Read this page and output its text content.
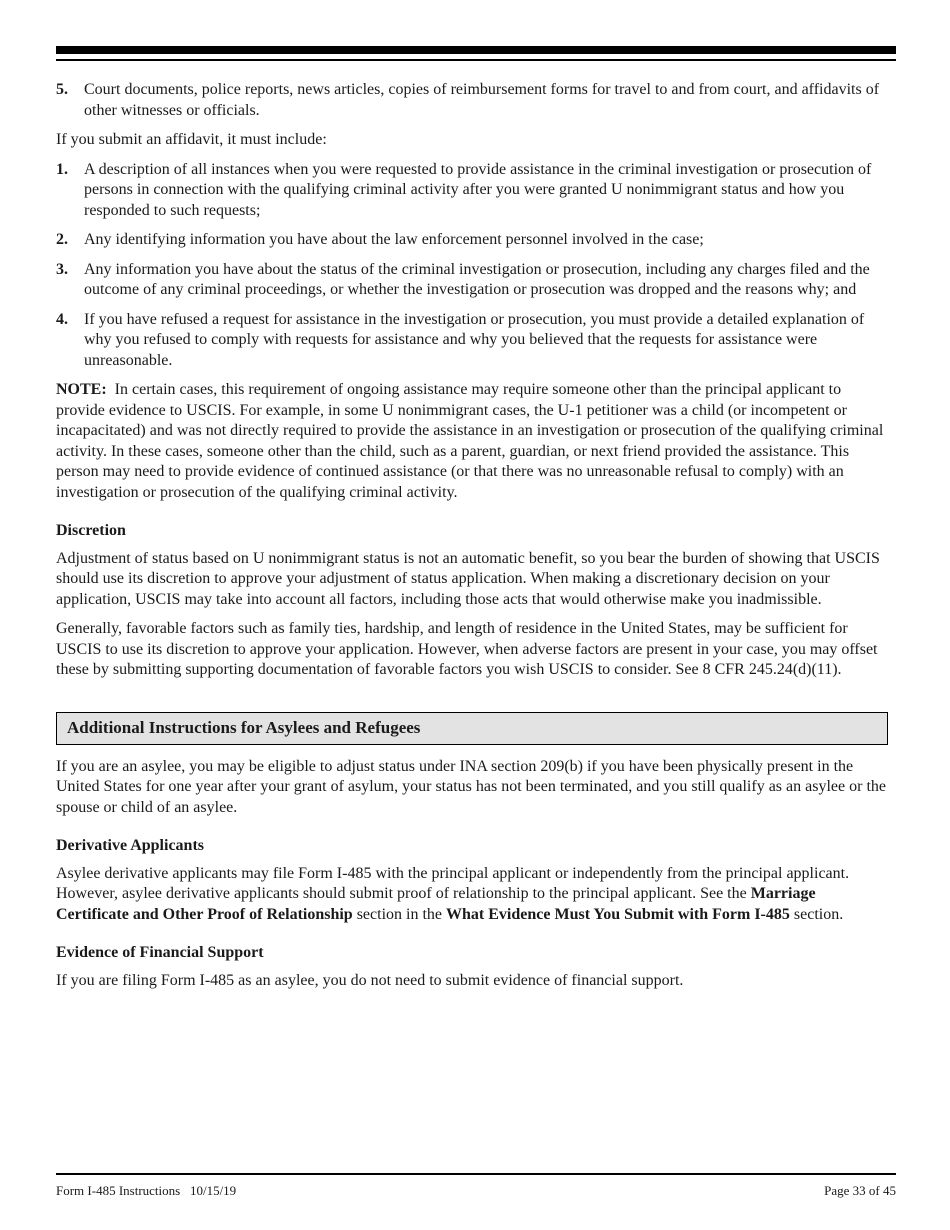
5.	Court documents, police reports, news articles, copies of reimbursement forms for travel to and from court, and affidavits of other witnesses or officials.

If you submit an affidavit, it must include:

1.	A description of all instances when you were requested to provide assistance in the criminal investigation or prosecution of persons in connection with the qualifying criminal activity after you were granted U nonimmigrant status and how you responded to such requests;
2.	Any identifying information you have about the law enforcement personnel involved in the case;
3.	Any information you have about the status of the criminal investigation or prosecution, including any charges filed and the outcome of any criminal proceedings, or whether the investigation or prosecution was dropped and the reasons why; and
4.	If you have refused a request for assistance in the investigation or prosecution, you must provide a detailed explanation of why you refused to comply with requests for assistance and why you believed that the requests for assistance were unreasonable.

NOTE: In certain cases, this requirement of ongoing assistance may require someone other than the principal applicant to provide evidence to USCIS. For example, in some U nonimmigrant cases, the U-1 petitioner was a child (or incompetent or incapacitated) and was not directly required to provide the assistance in an investigation or prosecution of the qualifying criminal activity. In these cases, someone other than the child, such as a parent, guardian, or next friend provided the assistance. This person may need to provide evidence of continued assistance (or that there was no unreasonable refusal to comply) with an investigation or prosecution of the qualifying criminal activity.

Discretion

Adjustment of status based on U nonimmigrant status is not an automatic benefit, so you bear the burden of showing that USCIS should use its discretion to approve your adjustment of status application. When making a discretionary decision on your application, USCIS may take into account all factors, including those acts that would otherwise make you inadmissible.

Generally, favorable factors such as family ties, hardship, and length of residence in the United States, may be sufficient for USCIS to use its discretion to approve your application. However, when adverse factors are present in your case, you may offset these by submitting supporting documentation of favorable factors you wish USCIS to consider. See 8 CFR 245.24(d)(11).

Additional Instructions for Asylees and Refugees

If you are an asylee, you may be eligible to adjust status under INA section 209(b) if you have been physically present in the United States for one year after your grant of asylum, your status has not been terminated, and you still qualify as an asylee or the spouse or child of an asylee.

Derivative Applicants

Asylee derivative applicants may file Form I-485 with the principal applicant or independently from the principal applicant. However, asylee derivative applicants should submit proof of relationship to the principal applicant. See the Marriage Certificate and Other Proof of Relationship section in the What Evidence Must You Submit with Form I-485 section.

Evidence of Financial Support

If you are filing Form I-485 as an asylee, you do not need to submit evidence of financial support.

Form I-485 Instructions   10/15/19	Page 33 of 45
